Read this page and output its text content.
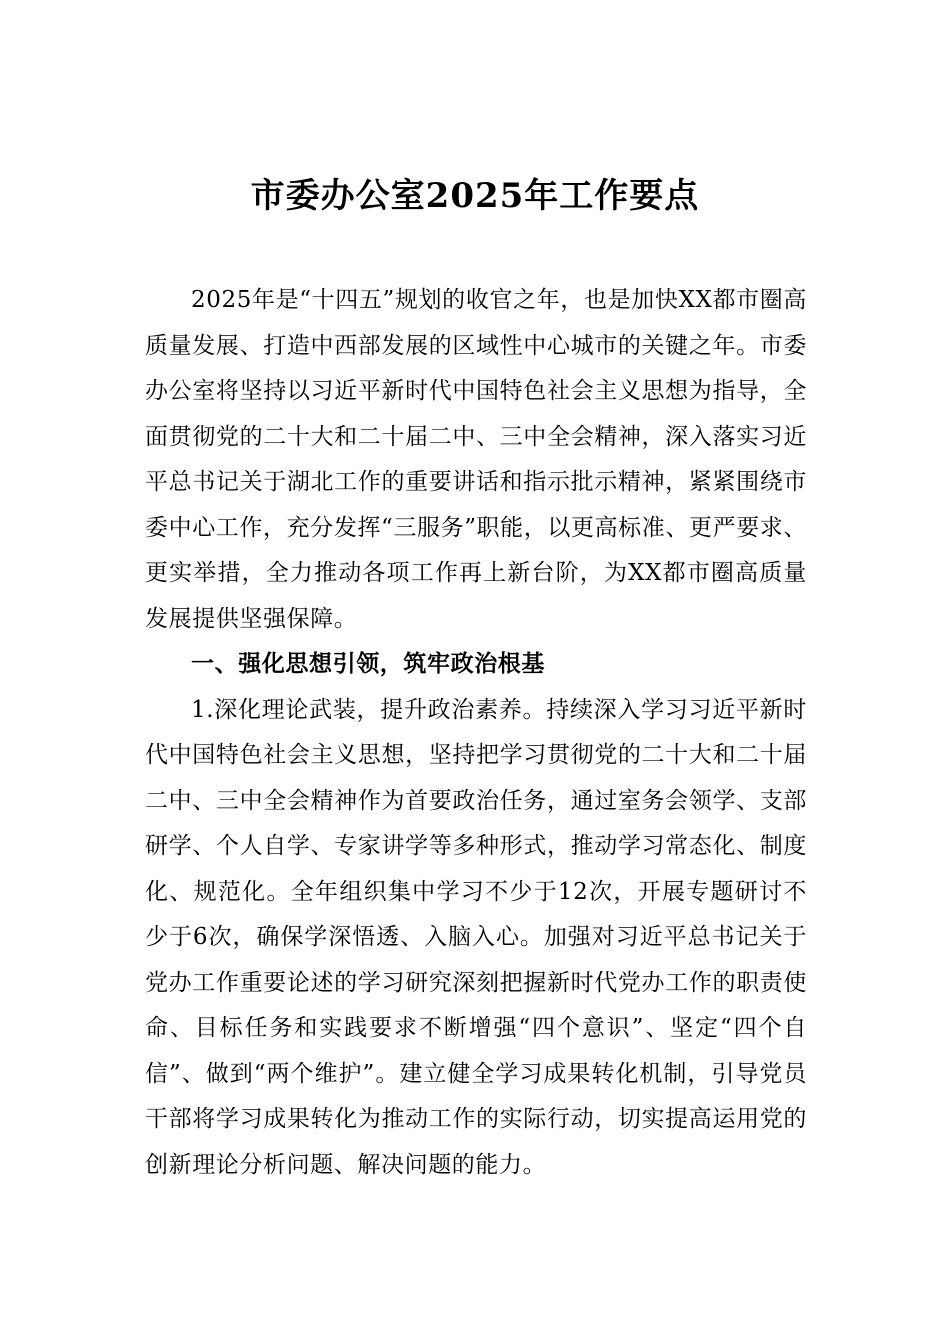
市委办公室2025年工作要点

2025年是“十四五”规划的收官之年，也是加快XX都市圈高质量发展、打造中西部发展的区域性中心城市的关键之年。市委办公室将坚持以习近平新时代中国特色社会主义思想为指导，全面贯彻党的二十大和二十届二中、三中全会精神，深入落实习近平总书记关于湖北工作的重要讲话和指示批示精神，紧紧围绕市委中心工作，充分发挥“三服务”职能，以更高标准、更严要求、更实举措，全力推动各项工作再上新台阶，为XX都市圈高质量发展提供坚强保障。

一、强化思想引领，筑牢政治根基

1.深化理论武装，提升政治素养。持续深入学习习近平新时代中国特色社会主义思想，坚持把学习贯彻党的二十大和二十届二中、三中全会精神作为首要政治任务，通过室务会领学、支部研学、个人自学、专家讲学等多种形式，推动学习常态化、制度化、规范化。全年组织集中学习不少于12次，开展专题研讨不少于6次，确保学深悟透、入脑入心。加强对习近平总书记关于党办工作重要论述的学习研究深刻把握新时代党办工作的职责使命、目标任务和实践要求不断增强“四个意识”、坚定“四个自信”、做到“两个维护”。建立健全学习成果转化机制，引导党员干部将学习成果转化为推动工作的实际行动，切实提高运用党的创新理论分析问题、解决问题的能力。
